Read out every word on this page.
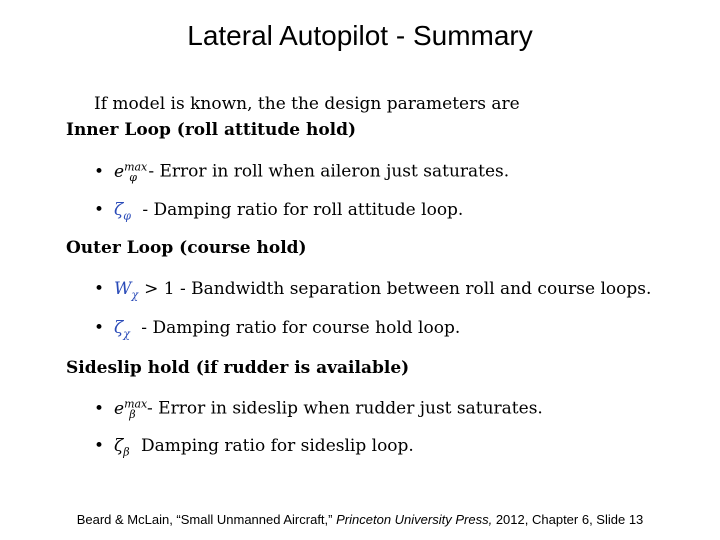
Lateral Autopilot - Summary
If model is known, the the design parameters are
Inner Loop (roll attitude hold)
• $e^{max}_\varphi$ - Error in roll when aileron just saturates.
• $\zeta_\varphi$ - Damping ratio for roll attitude loop.
Outer Loop (course hold)
• $W_\chi > 1$ - Bandwidth separation between roll and course loops.
• $\zeta_\chi$ - Damping ratio for course hold loop.
Sideslip hold (if rudder is available)
• $e^{max}_\beta$ - Error in sideslip when rudder just saturates.
• $\zeta_\beta$ Damping ratio for sideslip loop.
Beard & McLain, “Small Unmanned Aircraft,” Princeton University Press, 2012, Chapter 6, Slide 13
